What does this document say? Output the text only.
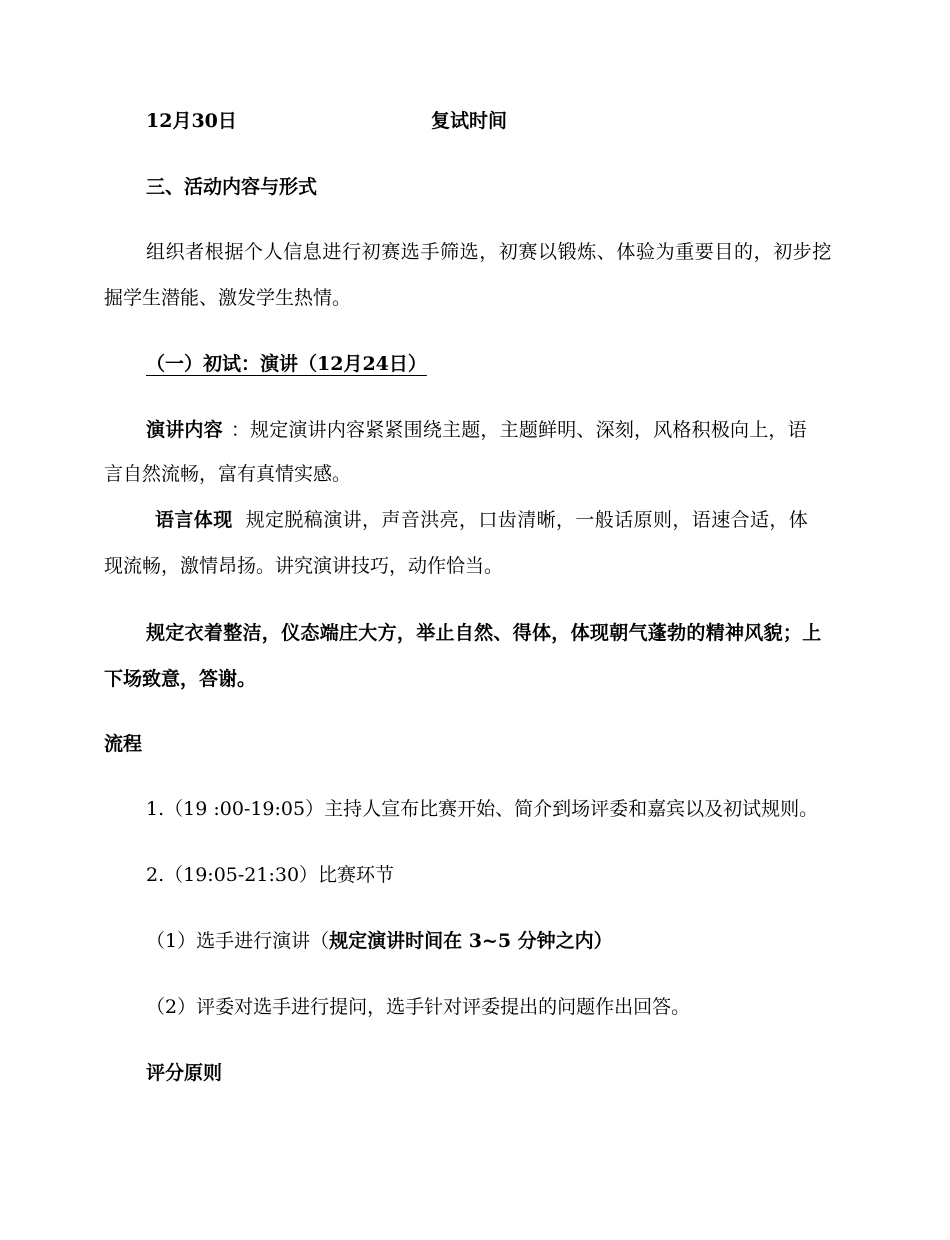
12月30日	复试时间
三、活动内容与形式
组织者根据个人信息进行初赛选手筛选，初赛以锻炼、体验为重要目的，初步挖
掘学生潜能、激发学生热情。
（一）初试：演讲（12月24日）
演讲内容 ：规定演讲内容紧紧围绕主题，主题鲜明、深刻，风格积极向上，语
言自然流畅，富有真情实感。
语言体现 规定脱稿演讲，声音洪亮，口齿清晰，一般话原则，语速合适，体
现流畅，激情昂扬。讲究演讲技巧，动作恰当。
规定衣着整洁，仪态端庄大方，举止自然、得体，体现朝气蓬勃的精神风貌；上
下场致意，答谢。
流程
1.（19 :00-19:05）主持人宣布比赛开始、简介到场评委和嘉宾以及初试规则。
2.（19:05-21:30）比赛环节
（1）选手进行演讲（规定演讲时间在 3~5 分钟之内）
（2）评委对选手进行提问，选手针对评委提出的问题作出回答。
评分原则
